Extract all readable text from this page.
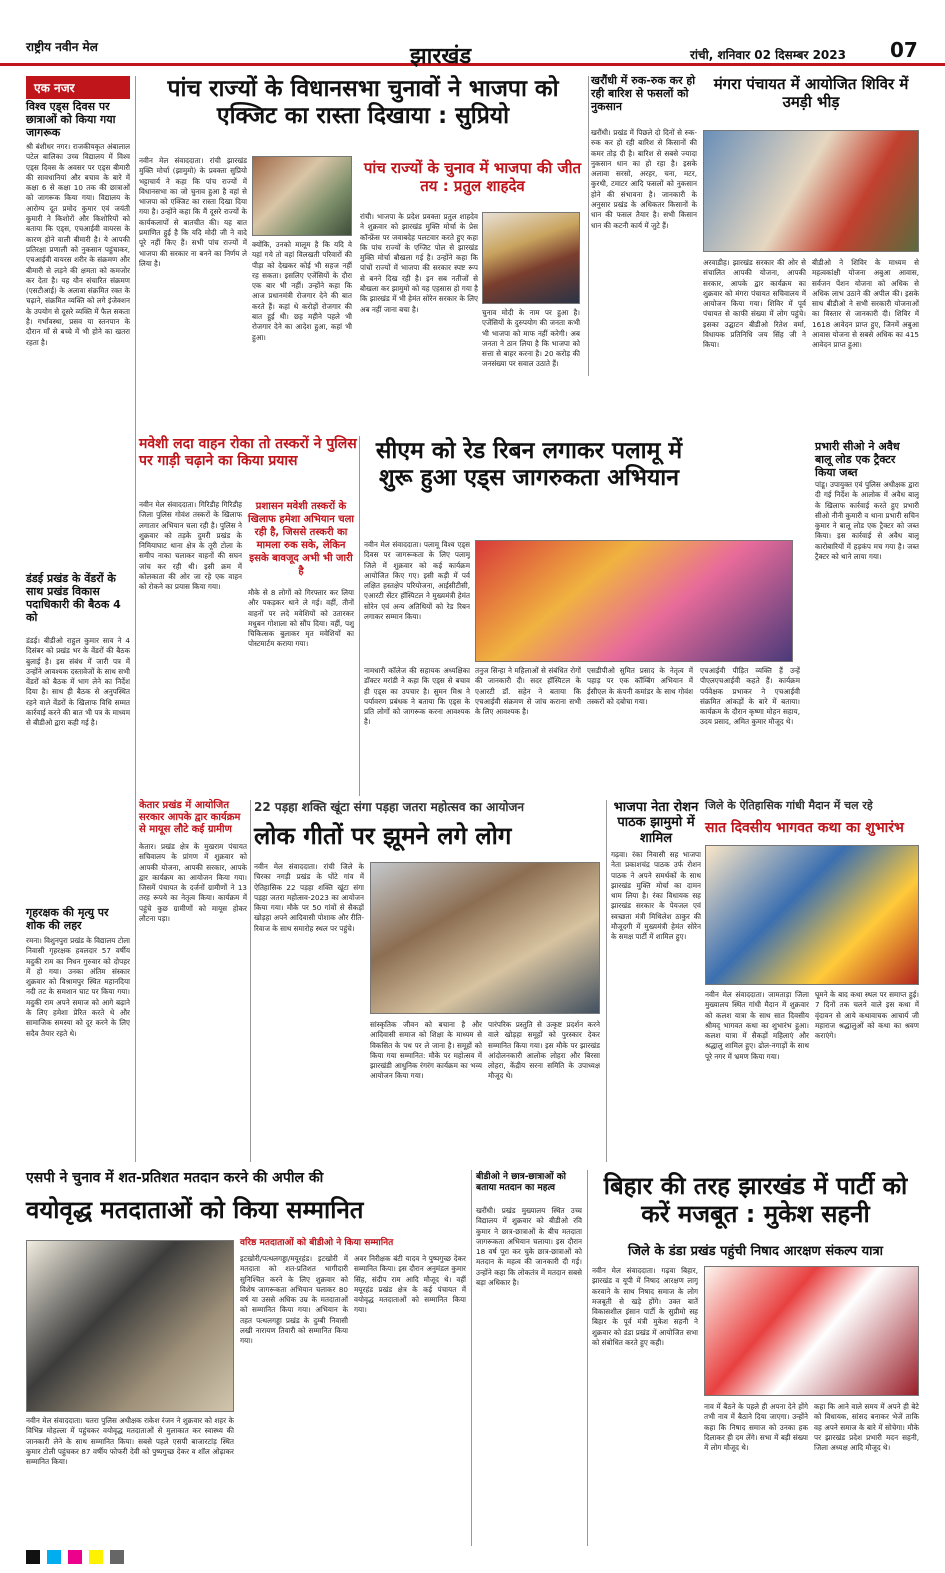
राष्ट्रीय नवीन मेल	झारखंड	रांची, शनिवार 02 दिसम्बर 2023 07
एक नजर
विश्व एड्स दिवस पर छात्राओं को किया गया जागरूक
श्री बंशीधर नगर। राजकीयकृत अंबालाल पटेल बालिका उच्च विद्यालय में विश्व एड्स दिवस के अवसर पर एड्स बीमारी की सावधानियां और बचाव के बारे में कक्षा 6 से कक्षा 10 तक की छात्राओं को जागरूक किया गया। विद्यालय के आरोग्य दूत प्रमोद कुमार एवं जयंती कुमारी ने किशोरों और किशोरियों को बताया कि एड्स, एचआईवी वायरस के कारण होने वाली बीमारी है। ये आपकी प्रतिरक्षा प्रणाली को नुकसान पहुंचाकर, एचआईवी वायरस शरीर के संक्रमण और बीमारी से लड़ने की क्षमता को कमजोर कर देता है। यह यौन संचारित संक्रमण (एसटीआई) के अलावा संक्रमित रक्त के चढ़ाने, संक्रमित व्यक्ति को लगे इंजेक्शन के उपयोग से दूसरे व्यक्ति में फैल सकता है। गर्भावस्था, प्रसव या स्तनपान के दौरान माँ से बच्चे में भी होने का खतरा रहता है।
डंडई प्रखंड के वेंडरों के साथ प्रखंड विकास पदाधिकारी की बैठक 4 को
डंडई। बीडीओ राहुल कुमार साव ने 4 दिसंबर को प्रखंड भर के वेंडरों की बैठक बुलाई है। इस संबंध में जारी पत्र में उन्होंने आवश्यक दस्तावेजों के साथ सभी वेंडरों को बैठक में भाग लेने का निर्देश दिया है। साथ ही बैठक से अनुपस्थित रहने वाले वेंडरों के खिलाफ विधि सम्मत कार्रवाई करने की बात भी पत्र के माध्यम से बीडीओ द्वारा कही गई है।
गृहरक्षक की मृत्यु पर शोक की लहर
रमना। विशुनपुरा प्रखंड के विद्यालय टोला निवासी गृहरक्षक हवलदार 57 वर्षीय मदुकी राम का निधन गुरुवार को दोपहर में हो गया। उनका अंतिम संस्कार शुक्रवार को विश्रामपुर स्थित महानदिया नदी तट के समशान घाट पर किया गया। मदुकी राम अपने समाज को आगे बढ़ाने के लिए हमेशा प्रेरित करते थे और सामाजिक समस्या को दूर करने के लिए सदैव तैयार रहते थे।
पांच राज्यों के विधानसभा चुनावों ने भाजपा को एक्जिट का रास्ता दिखाया : सुप्रियो
नवीन मेल संवाददाता। रांची झारखंड मुक्ति मोर्चा (झामुमो) के प्रवक्ता सुप्रियो भट्टाचार्य ने कहा कि पांच राज्यों में विधानसभा का जो चुनाव हुआ है वहां से भाजपा को एक्जिट का रास्ता दिखा दिया गया है। उन्होंने कहा कि मैं दूसरे राज्यों के कार्यकलापों से बातचीत की। यह बात प्रमाणित हुई है कि यदि मोदी जी ने वादे पूरे नहीं किए हैं। सभी पांच राज्यों में भाजपा की सरकार ना बनने का निर्णय ले लिया है।
क्योंकि, उनको मालूम है कि यदि वे यहां गये तो वहां विलखती परिवारों की पीड़ा को देखकर कोई भी सहज नहीं रह सकता। इसलिए एजेंसियों के दौरा एक बार भी नहीं। उन्होंने कहा कि आज प्रधानमंत्री रोजगार देने की बात करते हैं। कहां थे करोड़ों रोजगार की बात हुई थी। छह महीने पहले भी रोजगार देने का आदेश हुआ, कहां भी हुआ।
पांच राज्यों के चुनाव में भाजपा की जीत तय : प्रतुल शाहदेव
रांची। भाजपा के प्रदेश प्रवक्ता प्रतुल शाहदेव ने शुक्रवार को झारखंड मुक्ति मोर्चा के प्रेस कॉन्फ्रेंस पर जवाबदेह पलटवार करते हुए कहा कि पांच राज्यों के एग्जिट पोल से झारखंड मुक्ति मोर्चा बौखला गई है। उन्होंने कहा कि पांचों राज्यों में भाजपा की सरकार स्पष्ट रूप से बनने दिख रही है। इन सब नतीजों से बौखला कर झामुमो को यह एहसास हो गया है कि झारखंड में भी हेमंत सोरेन सरकार के लिए अब नहीं जाना बचा है।	चुनाव मोदी के नाम पर हुआ है। एजेंसियों के दुरुपयोग की जनता कभी भी भाजपा को माफ नहीं करेगी। अब जनता ने ठान लिया है कि भाजपा को सत्ता से बाहर करना है। 20 करोड़ की जनसंख्या पर सवाल उठाते हैं।
खरौंधी में रुक-रुक कर हो रही बारिश से फसलों को नुकसान
खरौंधी। प्रखंड में पिछले दो दिनों से रुक-रुक कर हो रही बारिश से किसानों की कमर तोड़ दी है। बारिश से सबसे ज्यादा नुकसान धान का हो रहा है। इसके अलावा सरसो, अरहर, चना, मटर, कुरथी, टमाटर आदि फसलों को नुकसान होने की संभावना है। जानकारी के अनुसार प्रखंड के अधिकतर किसानों के धान की फसल तैयार है। सभी किसान धान की कटनी कार्य में जुटे हैं।
मंगरा पंचायत में आयोजित शिविर में उमड़ी भीड़
अरवाडीह। झारखंड सरकार की ओर से संचालित आपकी योजना, आपकी सरकार, आपके द्वार कार्यक्रम का शुक्रवार को मंगरा पंचायत सचिवालय में आयोजन किया गया। शिविर में पूर्व पंचायत से काफी संख्या में लोग पहुंचे। इसका उद्घाटन बीडीओ रितेश वर्मा, विधायक प्रतिनिधि जय सिंह जी ने किया।
बीडीओ ने शिविर के माध्यम से महत्वकांक्षी योजना अबुआ आवास, सर्वजन पेंशन योजना को अधिक से अधिक लाभ उठाने की अपील की। इसके साथ बीडीओ ने सभी सरकारी योजनाओं का विस्तार से जानकारी दी। शिविर में 1618 आवेदन प्राप्त हुए, जिनमें अबुआ आवास योजना से सबसे अधिक का 415 आवेदन प्राप्त हुआ।
मवेशी लदा वाहन रोका तो तस्करों ने पुलिस पर गाड़ी चढ़ाने का किया प्रयास
नवीन मेल संवाददाता। गिरिडीह गिरिडीह जिला पुलिस गोवंश तस्करों के खिलाफ लगातार अभियान चला रही है। पुलिस ने शुक्रवार को तड़के दुमरी प्रखंड के निमियाघाट थाना क्षेत्र के तूरी टोला के समीप नाका चलाकर वाहनों की सघन जांच कर रही थी। इसी क्रम में कोलकाता की ओर जा रहे एक वाहन को रोकने का प्रयास किया गया।
प्रशासन मवेशी तस्करों के खिलाफ हमेशा अभियान चला रही है, जिससे तस्करी का मामला रुक सके, लेकिन इसके बावजूद अभी भी जारी है
मौके से 8 लोगों को गिरफ्तार कर लिया और पकड़कर थाने ले गई। वहीं, तीनों वाहनों पर लदे मवेशियों को उतारकर मधुबन गोशाला को सौंप दिया। वहीं, पशु चिकित्सक बुलाकर मृत मवेशियों का पोस्टमार्टम कराया गया।
सीएम को रेड रिबन लगाकर पलामू में शुरू हुआ एड्स जागरुकता अभियान
नवीन मेल संवाददाता। पलामू विश्व एड्स दिवस पर जागरूकता के लिए पलामू जिले में शुक्रवार को कई कार्यक्रम आयोजित किए गए। इसी कड़ी में पर्व लक्षित हस्तक्षेप परियोजना, आईसीटीसी, एआरटी सेंटर हॉस्पिटल ने मुख्यमंत्री हेमंत सोरेन एवं अन्य अतिथियों को रेड रिबन लगाकर सम्मान किया।
नामधारी कॉलेज की सहायक अध्यक्षिका डॉक्टर मरांडी ने कहा कि एड्स से बचाव ही एड्स का उपचार है। सुमन मिश्र ने पर्यावरण प्रबंधक ने बताया कि एड्स के प्रति लोगों को जागरूक करना आवश्यक है।
तनुज सिन्हा ने महिलाओं से संबंधित रोगों की जानकारी दी। सदर हॉस्पिटल के एआरटी डॉ. सहेन ने बताया कि एचआईवी संक्रमण से जांच कराना सभी के लिए आवश्यक है।
एसडीपीओ सुमित प्रसाद के नेतृत्व में पहाड़ पर एक कॉम्बिंग अभियान में ईसीएल के कंपनी कमांडर के साथ गोवंश तस्करों को दबोचा गया।
एचआईवी पीड़ित व्यक्ति हैं उन्हें पीएलएचआईवी कहते हैं। कार्यक्रम पर्यवेक्षक प्रभाकर ने एचआईवी संक्रमित आंकड़ों के बारे में बताया। कार्यक्रम के दौरान कृष्णा मोहन सहाय, उदय प्रसाद, अमित कुमार मौजूद थे।
प्रभारी सीओ ने अवैध बालू लोड एक ट्रैक्टर किया जब्त
पांडू। उपायुक्त एवं पुलिस अधीक्षक द्वारा दी गई निर्देश के आलोक में अवैध बालू के खिलाफ कार्रवाई करते हुए प्रभारी सीओ नीनी कुमारी व थाना प्रभारी सचिन कुमार ने बालू लोड एक ट्रैक्टर को जब्त किया। इस कार्रवाई से अवैध बालू कारोबारियों में हड़कंप मच गया है। जब्त ट्रैक्टर को थाने लाया गया।
केतार प्रखंड में आयोजित सरकार आपके द्वार कार्यक्रम से मायूस लौटे कई ग्रामीण
केतार। प्रखंड क्षेत्र के मुखराम पंचायत सचिवालय के प्रांगण में शुक्रवार को आपकी योजना, आपकी सरकार, आपके द्वार कार्यक्रम का आयोजन किया गया। जिसमें पंचायत के दर्जनों ग्रामीणों ने 13 तरह रूपये का नेतृत्व किया। कार्यक्रम में पहुंचे कुछ ग्रामीणों को मायूस होकर लौटना पड़ा।
22 पड़हा शक्ति खूंटा संगा पड़हा जतरा महोत्सव का आयोजन
लोक गीतों पर झूमने लगे लोग
नवीन मेल संवाददाता। रांची जिले के चिरका नगड़ी प्रखंड के घोंटे गांव में ऐतिहासिक 22 पड़हा शक्ति खूंटा संगा पड़हा जतरा महोत्सव-2023 का आयोजन किया गया। मौके पर 50 गांवों से सैकड़ों खोड़हा अपने आदिवासी पोशाक और रीति-रिवाज के साथ समारोह स्थल पर पहुंचे।
सांस्कृतिक जीवन को बचाना है और आदिवासी समाज को शिक्षा के माध्यम से विकसित के पथ पर ले जाना है। समूहों को किया गया सम्मानित: मौके पर महोत्सव में झारखंडी आधुनिक रंगरंग कार्यक्रम का भव्य आयोजन किया गया।
पारंपरिक प्रस्तुति से उत्कृष्ट प्रदर्शन करने वाले खोड़हा समूहों को पुरस्कार देकर सम्मानित किया गया। इस मौके पर झारखंड आंदोलनकारी आलोक लोहरा और बिरसा लोहरा, केंद्रीय सरना समिति के उपाध्यक्ष मौजूद थे।
भाजपा नेता रोशन पाठक झामुमो में शामिल
गढ़वा। रंका निवासी सह भाजपा नेता प्रकाशचंद्र पाठक उर्फ रोशन पाठक ने अपने समर्थकों के साथ झारखंड मुक्ति मोर्चा का दामन थाम लिया है। रंका विधायक सह झारखंड सरकार के पेयजल एवं स्वच्छता मंत्री मिथिलेश ठाकुर की मौजूदगी में मुख्यमंत्री हेमंत सोरेन के समक्ष पार्टी में शामिल हुए।
जिले के ऐतिहासिक गांधी मैदान में चल रहे
सात दिवसीय भागवत कथा का शुभारंभ
नवीन मेल संवाददाता। जामताड़ा जिला मुख्यालय स्थित गांधी मैदान में शुक्रवार को कलश यात्रा के साथ सात दिवसीय श्रीमद् भागवत कथा का शुभारंभ हुआ। कलश यात्रा में सैकड़ों महिलाएं और श्रद्धालु शामिल हुए। ढोल-नगाड़ों के साथ पूरे नगर में भ्रमण किया गया।
घूमने के बाद कथा स्थल पर समाप्त हुई। 7 दिनों तक चलने वाले इस कथा में वृंदावन से आये कथावाचक आचार्य जी महाराज श्रद्धालुओं को कथा का श्रवण कराएंगे।
एसपी ने चुनाव में शत-प्रतिशत मतदान करने की अपील की
वयोवृद्ध मतदाताओं को किया सम्मानित
नवीन मेल संवाददाता। चतरा पुलिस अधीक्षक राकेश रंजन ने शुक्रवार को शहर के विभिन्न मोहल्ला में पहुंचकर वयोवृद्ध मतदाताओं से मुलाकात कर स्वास्थ्य की जानकारी लेने के साथ सम्मानित किया। सबसे पहले एसपी बाजारटांड़ स्थित कुमार टोली पहुंचकर 87 वर्षीय फोफरी देवी को पुष्पगुच्छ देकर व शॉल ओढ़ाकर सम्मानित किया।
वरिष्ठ मतदाताओं को बीडीओ ने किया सम्मानित
इटखोरी/पत्थलगड्डा/मयूरहंड। इटखोरी में मतदाता को शत-प्रतिशत भागीदारी सुनिश्चित करने के लिए शुक्रवार को विशेष जागरूकता अभियान चलाकर 80 वर्ष या उससे अधिक उम्र के मतदाताओं को सम्मानित किया गया। अभियान के तहत पत्थलगड्डा प्रखंड के दुम्बी निवासी लखी नारायण तिवारी को सम्मानित किया गया।
अवर निरीक्षक बंटी यादव ने पुष्पगुच्छ देकर सम्मानित किया। इस दौरान अनुमंडल कुमार सिंह, संदीप राम आदि मौजूद थे। वहीं मयूरहंड प्रखंड क्षेत्र के कई पंचायत में वयोवृद्ध मतदाताओं को सम्मानित किया गया।
बीडीओ ने छात्र-छात्राओं को बताया मतदान का महत्व
खरौंधी। प्रखंड मुख्यालय स्थित उच्च विद्यालय में शुक्रवार को बीडीओ रवि कुमार ने छात्र-छात्राओं के बीच मतदाता जागरूकता अभियान चलाया। इस दौरान 18 वर्ष पूरा कर चुके छात्र-छात्राओं को मतदान के महत्व की जानकारी दी गई। उन्होंने कहा कि लोकतंत्र में मतदान सबसे बड़ा अधिकार है।
बिहार की तरह झारखंड में पार्टी को करें मजबूत : मुकेश सहनी
जिले के डंडा प्रखंड पहुंची निषाद आरक्षण संकल्प यात्रा
नवीन मेल संवाददाता। गढ़वा बिहार, झारखंड व यूपी में निषाद आरक्षण लागू करवाने के साथ निषाद समाज के लोग मजबूती से खड़े होंगे। उक्त बातें विकासशील इंसान पार्टी के सुप्रीमो सह बिहार के पूर्व मंत्री मुकेश सहनी ने शुक्रवार को डंडा प्रखंड में आयोजित सभा को संबोधित करते हुए कही।
नाव में बैठने के पहले ही अपना देने होंगे तभी नाव में बैठाने दिया जाएगा। उन्होंने कहा कि निषाद समाज को उनका हक दिलाकर ही दम लेंगे। सभा में बड़ी संख्या में लोग मौजूद थे।
कहा कि आने वाले समय में अपने ही बेटे को विधायक, सांसद बनाकर भेजें ताकि वह अपने समाज के बारे में सोचेगा। मौके पर झारखंड प्रदेश प्रभारी मदन सहनी, जिला अध्यक्ष आदि मौजूद थे।
